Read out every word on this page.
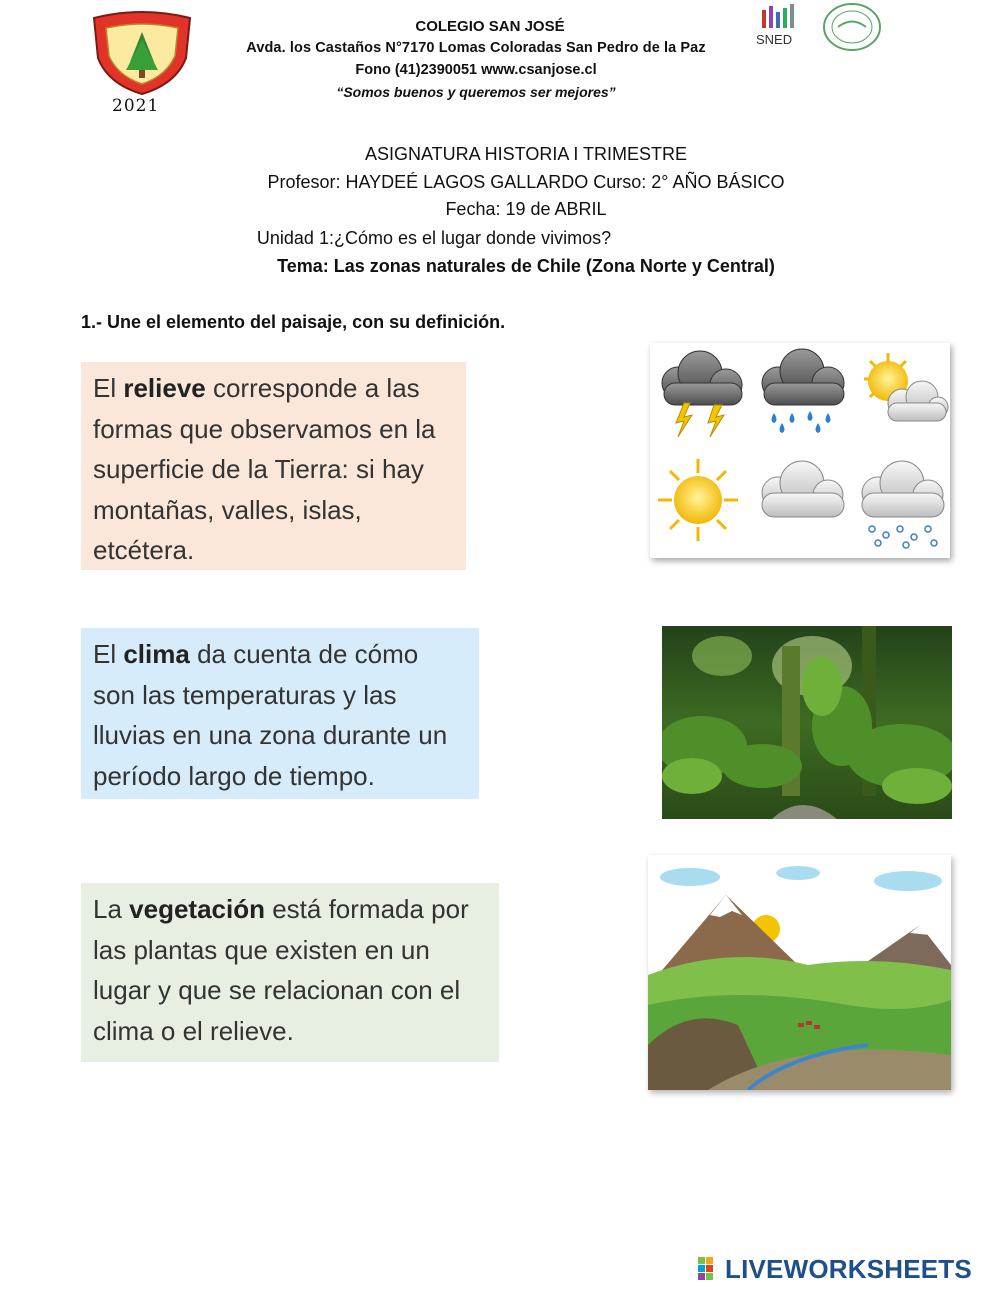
2021
COLEGIO SAN JOSÉ
Avda. los Castaños N°7170 Lomas Coloradas San Pedro de la Paz
Fono (41)2390051 www.csanjose.cl
“Somos buenos y queremos ser mejores”
SNED
ASIGNATURA HISTORIA I TRIMESTRE
Profesor: HAYDEÉ LAGOS GALLARDO Curso: 2° AÑO BÁSICO
Fecha: 19 de ABRIL
Unidad 1:¿Cómo es el lugar donde vivimos?
Tema: Las zonas naturales de Chile (Zona Norte y Central)
1.- Une el elemento del paisaje, con su definición.
El relieve corresponde a las formas que observamos en la superficie de la Tierra: si hay montañas, valles, islas, etcétera.
El clima da cuenta de cómo son las temperaturas y las lluvias en una zona durante un período largo de tiempo.
La vegetación está formada por las plantas que existen en un lugar y que se relacionan con el clima o el relieve.
LIVEWORKSHEETS
